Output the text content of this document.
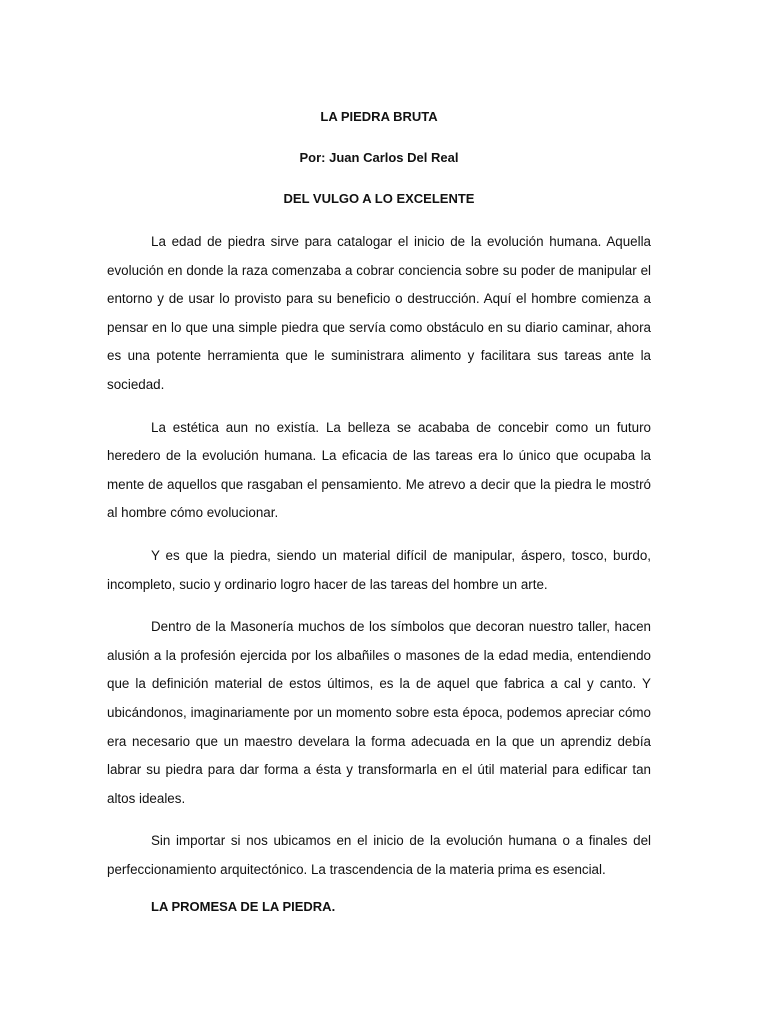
LA PIEDRA BRUTA

Por: Juan Carlos Del Real

DEL VULGO A LO EXCELENTE

La edad de piedra sirve para catalogar el inicio de la evolución humana. Aquella evolución en donde la raza comenzaba a cobrar conciencia sobre su poder de manipular el entorno y de usar lo provisto para su beneficio o destrucción. Aquí el hombre comienza a pensar en lo que una simple piedra que servía como obstáculo en su diario caminar, ahora es una potente herramienta que le suministrara alimento y facilitara sus tareas ante la sociedad.

La estética aun no existía. La belleza se acababa de concebir como un futuro heredero de la evolución humana. La eficacia de las tareas era lo único que ocupaba la mente de aquellos que rasgaban el pensamiento. Me atrevo a decir que la piedra le mostró al hombre cómo evolucionar.

Y es que la piedra, siendo un material difícil de manipular, áspero, tosco, burdo, incompleto, sucio y ordinario logro hacer de las tareas del hombre un arte.

Dentro de la Masonería muchos de los símbolos que decoran nuestro taller, hacen alusión a la profesión ejercida por los albañiles o masones de la edad media, entendiendo que la definición material de estos últimos, es la de aquel que fabrica a cal y canto. Y ubicándonos, imaginariamente por un momento sobre esta época, podemos apreciar cómo era necesario que un maestro develara la forma adecuada en la que un aprendiz debía labrar su piedra para dar forma a ésta y transformarla en el útil material para edificar tan altos ideales.

Sin importar si nos ubicamos en el inicio de la evolución humana o a finales del perfeccionamiento arquitectónico. La trascendencia de la materia prima es esencial.

LA PROMESA DE LA PIEDRA.
